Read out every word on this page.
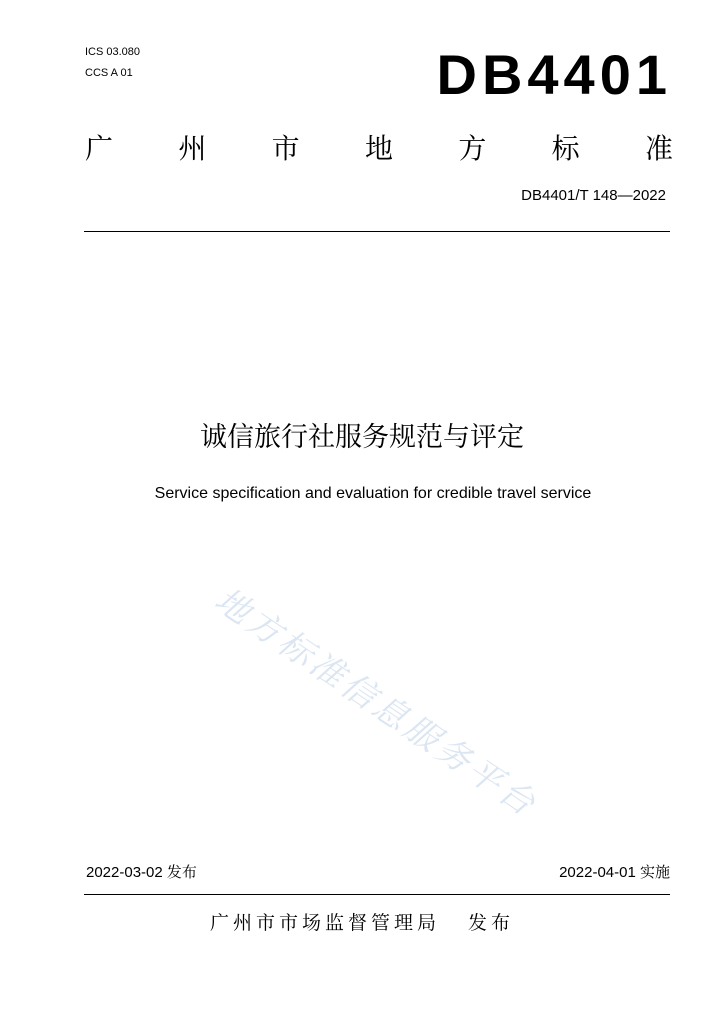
ICS 03.080
CCS A 01	DB4401
广 州 市 地 方 标 准
DB4401/T 148—2022
诚信旅行社服务规范与评定
Service specification and evaluation for credible travel service
地方标准信息服务平台
2022-03-02 发布	2022-04-01 实施
广州市市场监督管理局 发布
